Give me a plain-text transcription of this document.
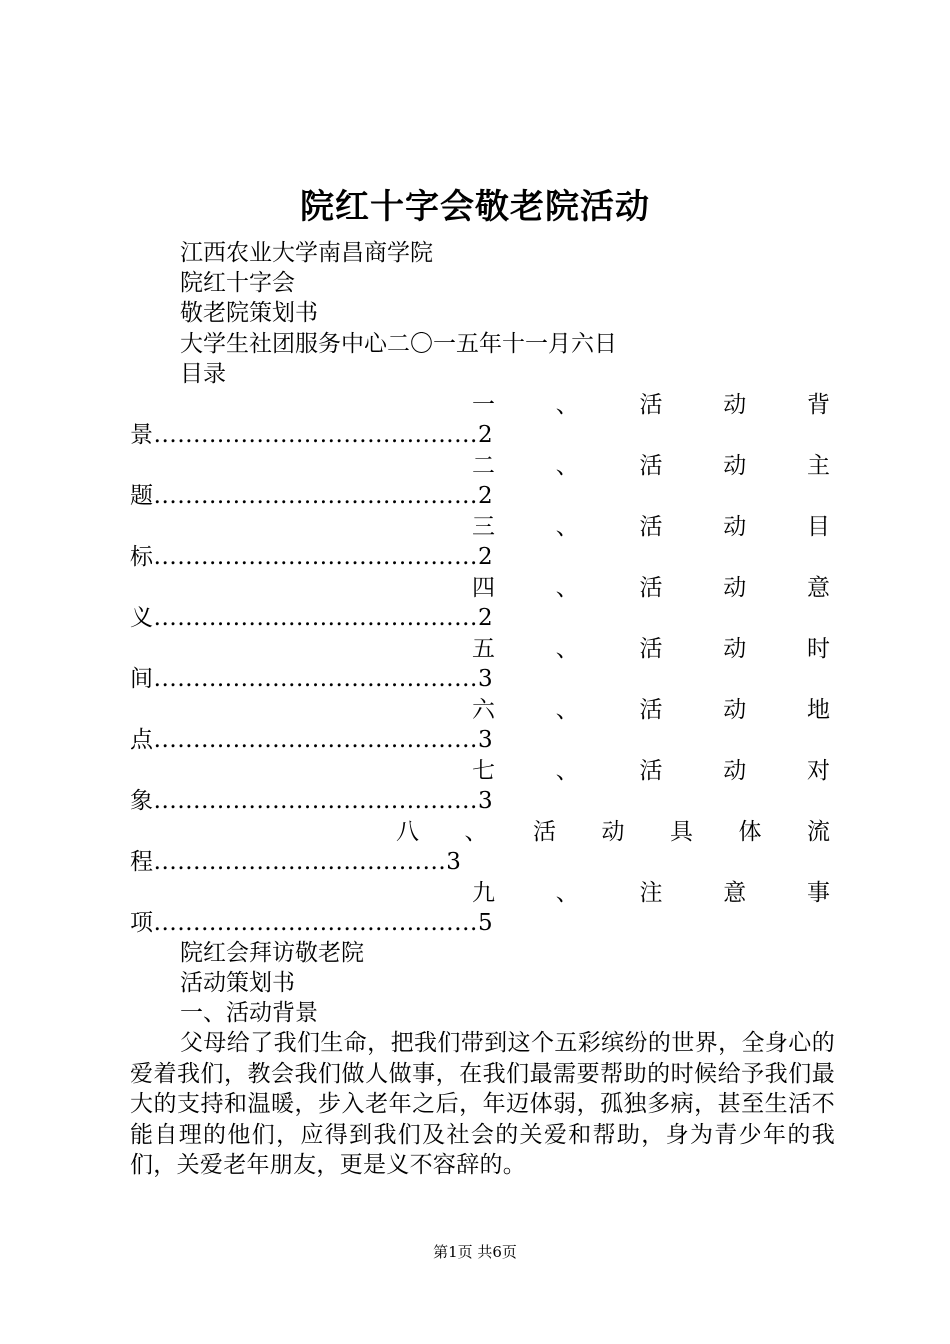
院红十字会敬老院活动
江西农业大学南昌商学院
院红十字会
敬老院策划书
大学生社团服务中心二〇一五年十一月六日
目录
一	、	活	动	背
景.........................................2
二	、	活	动	主
题.........................................2
三	、	活	动	目
标.........................................2
四	、	活	动	意
义.........................................2
五	、	活	动	时
间.........................................3
六	、	活	动	地
点.........................................3
七	、	活	动	对
象.........................................3
八 、 活 动 具 体 流
程.....................................3
九	、	注	意	事
项.........................................5
院红会拜访敬老院
活动策划书
一、活动背景
父母给了我们生命，把我们带到这个五彩缤纷的世界，全身心的爱着我们，教会我们做人做事，在我们最需要帮助的时候给予我们最大的支持和温暖，步入老年之后，年迈体弱，孤独多病，甚至生活不能自理的他们，应得到我们及社会的关爱和帮助，身为青少年的我们，关爱老年朋友，更是义不容辞的。
第1页 共6页
